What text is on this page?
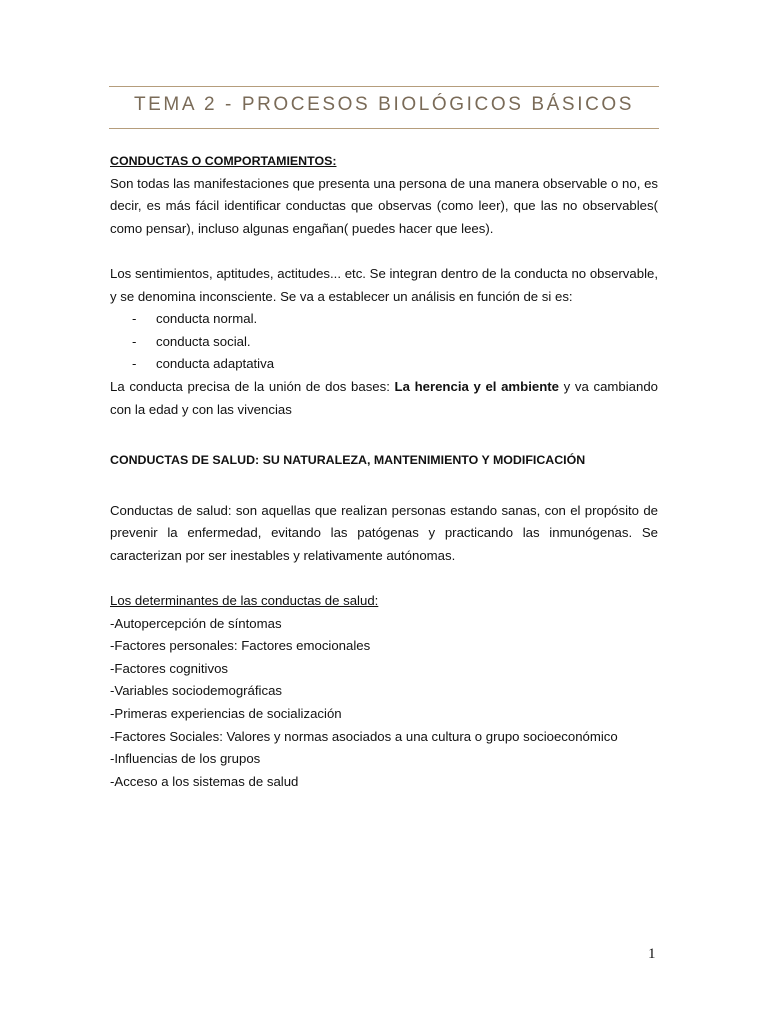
TEMA 2 - PROCESOS BIOLÓGICOS BÁSICOS

CONDUCTAS O COMPORTAMIENTOS:

Son todas las manifestaciones que presenta una persona de una manera observable o no, es decir, es más fácil identificar conductas que observas (como leer), que las no observables( como pensar), incluso algunas engañan( puedes hacer que lees).

Los sentimientos, aptitudes, actitudes... etc. Se integran dentro de la conducta no observable, y se denomina inconsciente. Se va a establecer un análisis en función de si es:

- conducta normal.
- conducta social.
- conducta adaptativa

La conducta precisa de la unión de dos bases: La herencia y el ambiente y va cambiando con la edad y con las vivencias

CONDUCTAS DE SALUD: SU NATURALEZA, MANTENIMIENTO Y MODIFICACIÓN

Conductas de salud: son aquellas que realizan personas estando sanas, con el propósito de prevenir la enfermedad, evitando las patógenas y practicando las inmunógenas. Se caracterizan por ser inestables y relativamente autónomas.

Los determinantes de las conductas de salud:

-Autopercepción de síntomas

-Factores personales: Factores emocionales

-Factores cognitivos

-Variables sociodemográficas

-Primeras experiencias de socialización

-Factores Sociales: Valores y normas asociados a una cultura o grupo socioeconómico

-Influencias de los grupos

-Acceso a los sistemas de salud

1
